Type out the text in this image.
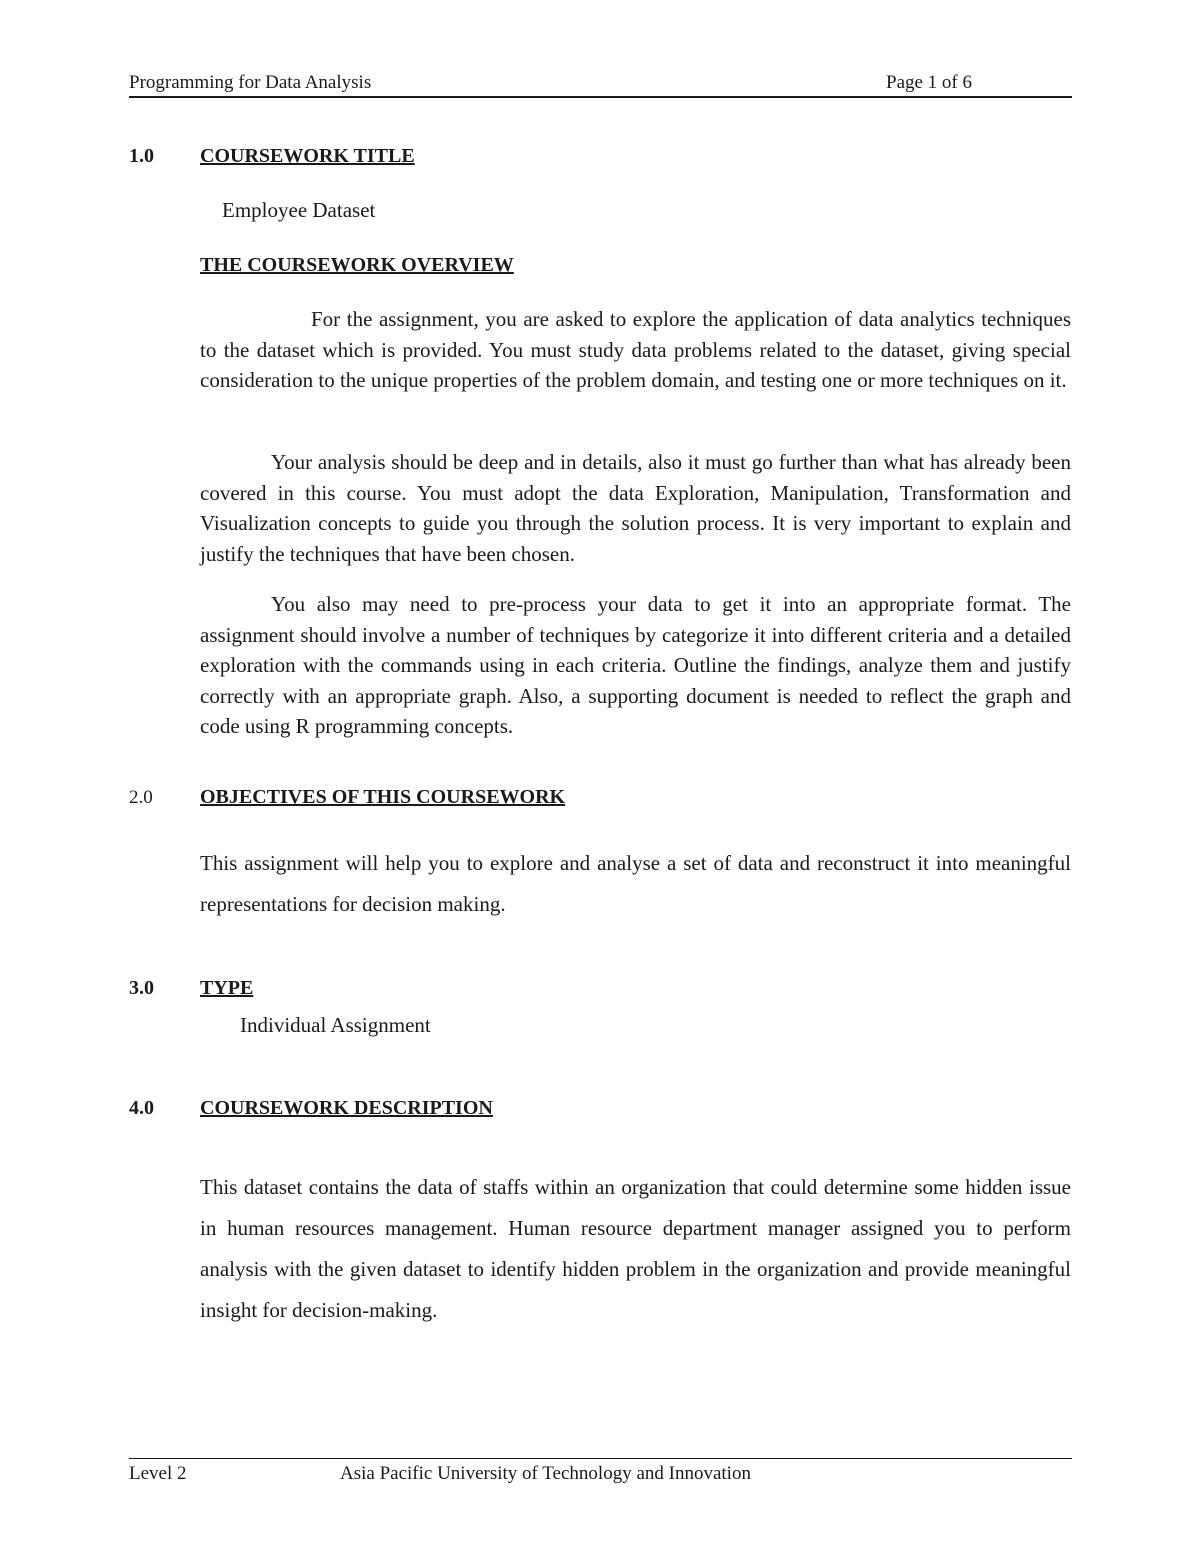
Programming for Data Analysis	Page 1 of 6
1.0 COURSEWORK TITLE
Employee Dataset
THE COURSEWORK OVERVIEW

For the assignment, you are asked to explore the application of data analytics techniques to the dataset which is provided. You must study data problems related to the dataset, giving special consideration to the unique properties of the problem domain, and testing one or more techniques on it.

Your analysis should be deep and in details, also it must go further than what has already been covered in this course. You must adopt the data Exploration, Manipulation, Transformation and Visualization concepts to guide you through the solution process. It is very important to explain and justify the techniques that have been chosen.

You also may need to pre-process your data to get it into an appropriate format. The assignment should involve a number of techniques by categorize it into different criteria and a detailed exploration with the commands using in each criteria. Outline the findings, analyze them and justify correctly with an appropriate graph. Also, a supporting document is needed to reflect the graph and code using R programming concepts.

2.0 OBJECTIVES OF THIS COURSEWORK

This assignment will help you to explore and analyse a set of data and reconstruct it into meaningful representations for decision making.

3.0 TYPE
Individual Assignment
4.0 COURSEWORK DESCRIPTION

This dataset contains the data of staffs within an organization that could determine some hidden issue in human resources management. Human resource department manager assigned you to perform analysis with the given dataset to identify hidden problem in the organization and provide meaningful insight for decision-making.

Level 2	Asia Pacific University of Technology and Innovation
